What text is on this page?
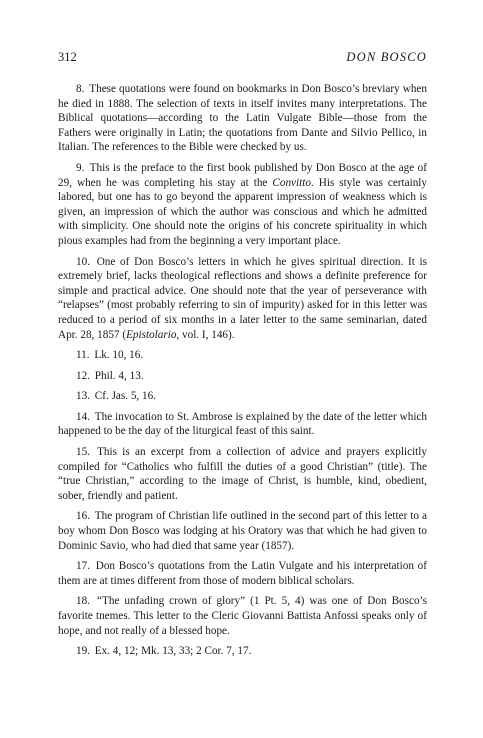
312	DON BOSCO

8. These quotations were found on bookmarks in Don Bosco’s breviary when he died in 1888. The selection of texts in itself invites many interpretations. The Biblical quotations—according to the Latin Vulgate Bible—those from the Fathers were originally in Latin; the quotations from Dante and Silvio Pellico, in Italian. The references to the Bible were checked by us.

9. This is the preface to the first book published by Don Bosco at the age of 29, when he was completing his stay at the Convitto. His style was certainly labored, but one has to go beyond the apparent impression of weakness which is given, an impression of which the author was conscious and which he admitted with simplicity. One should note the origins of his concrete spirituality in which pious examples had from the beginning a very important place.

10. One of Don Bosco’s letters in which he gives spiritual direction. It is extremely brief, lacks theological reflections and shows a definite preference for simple and practical advice. One should note that the year of perseverance with “relapses” (most probably referring to sin of impurity) asked for in this letter was reduced to a period of six months in a later letter to the same seminarian, dated Apr. 28, 1857 (Epistolario, vol. I, 146).

11. Lk. 10, 16.

12. Phil. 4, 13.

13. Cf. Jas. 5, 16.

14. The invocation to St. Ambrose is explained by the date of the letter which happened to be the day of the liturgical feast of this saint.

15. This is an excerpt from a collection of advice and prayers explicitly compiled for “Catholics who fulfill the duties of a good Christian” (title). The “true Christian,” according to the image of Christ, is humble, kind, obedient, sober, friendly and patient.

16. The program of Christian life outlined in the second part of this letter to a boy whom Don Bosco was lodging at his Oratory was that which he had given to Dominic Savio, who had died that same year (1857).

17. Don Bosco’s quotations from the Latin Vulgate and his interpretation of them are at times different from those of modern biblical scholars.

18. “The unfading crown of glory” (1 Pt. 5, 4) was one of Don Bosco’s favorite tnemes. This letter to the Cleric Giovanni Battista Anfossi speaks only of hope, and not really of a blessed hope.

19. Ex. 4, 12; Mk. 13, 33; 2 Cor. 7, 17.
